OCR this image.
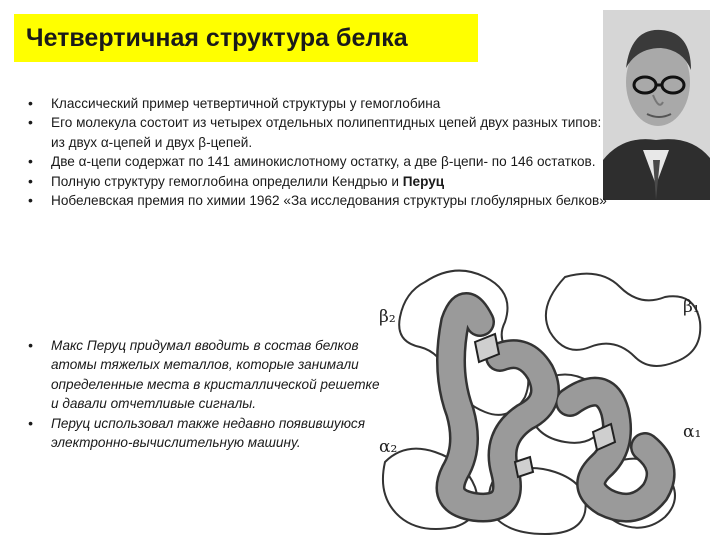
Четвертичная структура белка
• Классический пример четвертичной структуры у гемоглобина
• Его молекула состоит из четырех отдельных полипептидных цепей двух разных типов: из двух α-цепей и двух β-цепей.
• Две α-цепи содержат по 141 аминокислотному остатку, а две β-цепи- по 146 остатков.
• Полную структуру гемоглобина определили Кендрью и Перуц
• Нобелевская премия по химии 1962 «За исследования структуры глобулярных белков»
• Макс Перуц придумал вводить в состав белков атомы тяжелых металлов, которые занимали определенные места в кристаллической решетке и давали отчетливые сигналы.
• Перуц использовал также недавно появившуюся электронно-вычислительную машину.
β₂	β₁
α₂
α₁
